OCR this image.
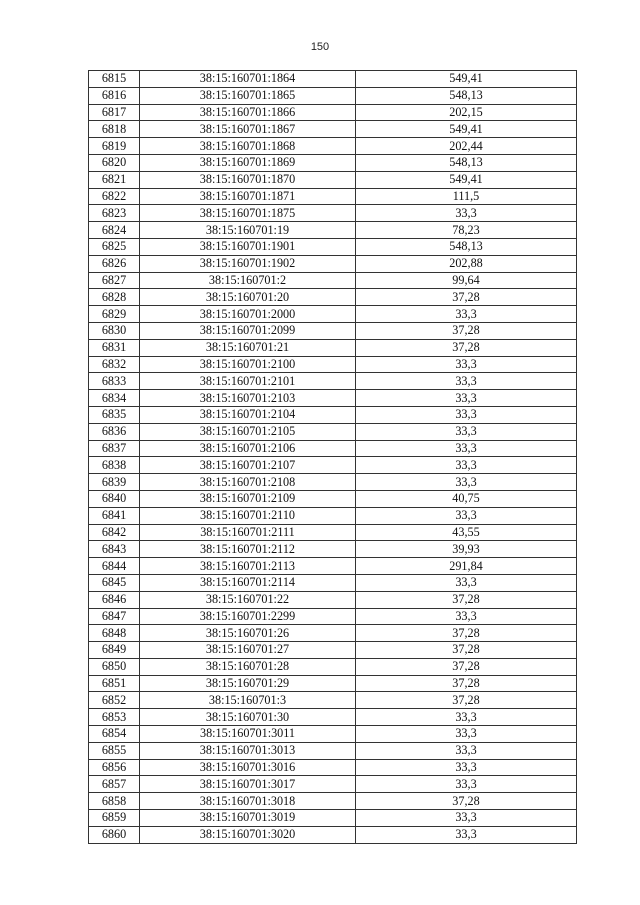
150
6815	38:15:160701:1864	549,41
6816	38:15:160701:1865	548,13
6817	38:15:160701:1866	202,15
6818	38:15:160701:1867	549,41
6819	38:15:160701:1868	202,44
6820	38:15:160701:1869	548,13
6821	38:15:160701:1870	549,41
6822	38:15:160701:1871	111,5
6823	38:15:160701:1875	33,3
6824	38:15:160701:19	78,23
6825	38:15:160701:1901	548,13
6826	38:15:160701:1902	202,88
6827	38:15:160701:2	99,64
6828	38:15:160701:20	37,28
6829	38:15:160701:2000	33,3
6830	38:15:160701:2099	37,28
6831	38:15:160701:21	37,28
6832	38:15:160701:2100	33,3
6833	38:15:160701:2101	33,3
6834	38:15:160701:2103	33,3
6835	38:15:160701:2104	33,3
6836	38:15:160701:2105	33,3
6837	38:15:160701:2106	33,3
6838	38:15:160701:2107	33,3
6839	38:15:160701:2108	33,3
6840	38:15:160701:2109	40,75
6841	38:15:160701:2110	33,3
6842	38:15:160701:2111	43,55
6843	38:15:160701:2112	39,93
6844	38:15:160701:2113	291,84
6845	38:15:160701:2114	33,3
6846	38:15:160701:22	37,28
6847	38:15:160701:2299	33,3
6848	38:15:160701:26	37,28
6849	38:15:160701:27	37,28
6850	38:15:160701:28	37,28
6851	38:15:160701:29	37,28
6852	38:15:160701:3	37,28
6853	38:15:160701:30	33,3
6854	38:15:160701:3011	33,3
6855	38:15:160701:3013	33,3
6856	38:15:160701:3016	33,3
6857	38:15:160701:3017	33,3
6858	38:15:160701:3018	37,28
6859	38:15:160701:3019	33,3
6860	38:15:160701:3020	33,3
